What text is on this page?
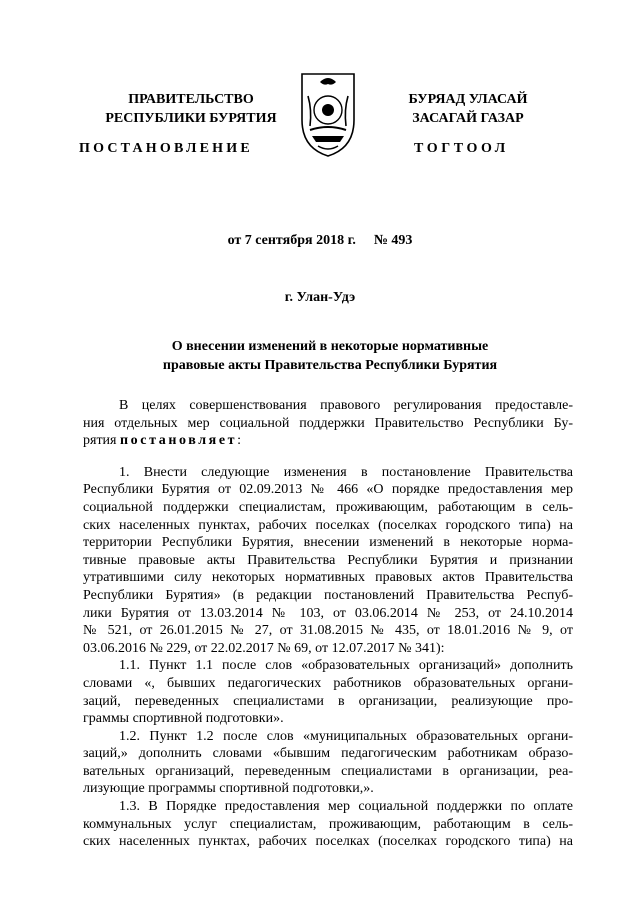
ПРАВИТЕЛЬСТВО
РЕСПУБЛИКИ БУРЯТИЯ
БУРЯАД УЛАСАЙ
ЗАСАГАЙ ГАЗАР
ПОСТАНОВЛЕНИЕ	ТОГТООЛ
от 7 сентября 2018 г. № 493
г. Улан-Удэ
О внесении изменений в некоторые нормативные
правовые акты Правительства Республики Бурятия
В целях совершенствования правового регулирования предоставле-
ния отдельных мер социальной поддержки Правительство Республики Бу-
рятия постановляет:
1. Внести следующие изменения в постановление Правительства
Республики Бурятия от 02.09.2013 № 466 «О порядке предоставления мер
социальной поддержки специалистам, проживающим, работающим в сель-
ских населенных пунктах, рабочих поселках (поселках городского типа) на
территории Республики Бурятия, внесении изменений в некоторые норма-
тивные правовые акты Правительства Республики Бурятия и признании
утратившими силу некоторых нормативных правовых актов Правительства
Республики Бурятия» (в редакции постановлений Правительства Респуб-
лики Бурятия от 13.03.2014 № 103, от 03.06.2014 № 253, от 24.10.2014
№ 521, от 26.01.2015 № 27, от 31.08.2015 № 435, от 18.01.2016 № 9, от
03.06.2016 № 229, от 22.02.2017 № 69, от 12.07.2017 № 341):
1.1. Пункт 1.1 после слов «образовательных организаций» дополнить
словами «, бывших педагогических работников образовательных органи-
заций, переведенных специалистами в организации, реализующие про-
граммы спортивной подготовки».
1.2. Пункт 1.2 после слов «муниципальных образовательных органи-
заций,» дополнить словами «бывшим педагогическим работникам образо-
вательных организаций, переведенным специалистами в организации, реа-
лизующие программы спортивной подготовки,».
1.3. В Порядке предоставления мер социальной поддержки по оплате
коммунальных услуг специалистам, проживающим, работающим в сель-
ских населенных пунктах, рабочих поселках (поселках городского типа) на
